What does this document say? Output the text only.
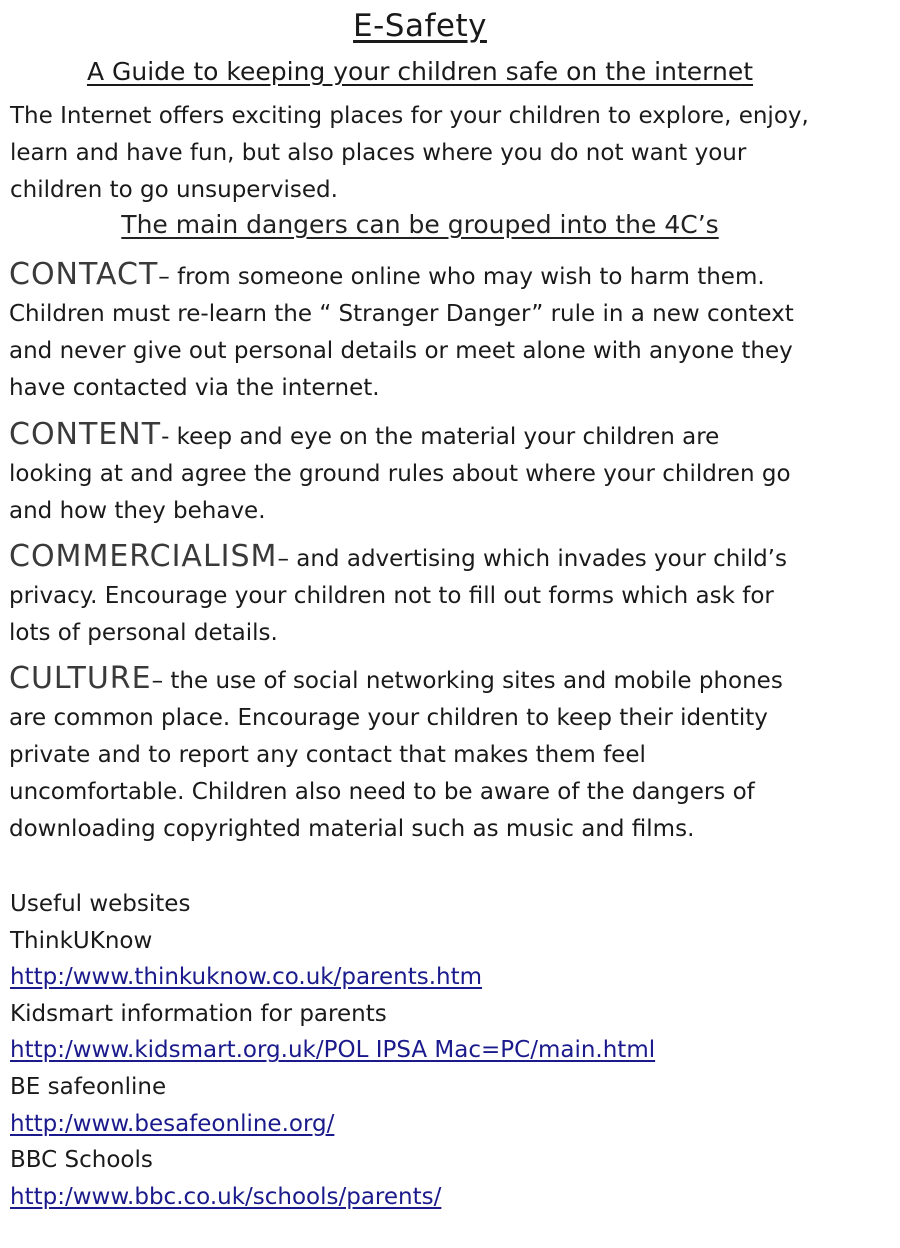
E-Safety
A Guide to keeping your children safe on the internet
The Internet offers exciting places for your children to explore, enjoy,
learn and have fun, but also places where you do not want your
children to go unsupervised.
The main dangers can be grouped into the 4C’s
CONTACT– from someone online who may wish to harm them.
Children must re-learn the “ Stranger Danger” rule in a new context
and never give out personal details or meet alone with anyone they
have contacted via the internet.
CONTENT- keep and eye on the material your children are
looking at and agree the ground rules about where your children go
and how they behave.
COMMERCIALISM– and advertising which invades your child’s
privacy. Encourage your children not to fill out forms which ask for
lots of personal details.
CULTURE– the use of social networking sites and mobile phones
are common place. Encourage your children to keep their identity
private and to report any contact that makes them feel
uncomfortable. Children also need to be aware of the dangers of
downloading copyrighted material such as music and films.
Useful websites
ThinkUKnow
http:/www.thinkuknow.co.uk/parents.htm
Kidsmart information for parents
http:/www.kidsmart.org.uk/POL IPSA Mac=PC/main.html
BE safeonline
http:/www.besafeonline.org/
BBC Schools
http:/www.bbc.co.uk/schools/parents/
